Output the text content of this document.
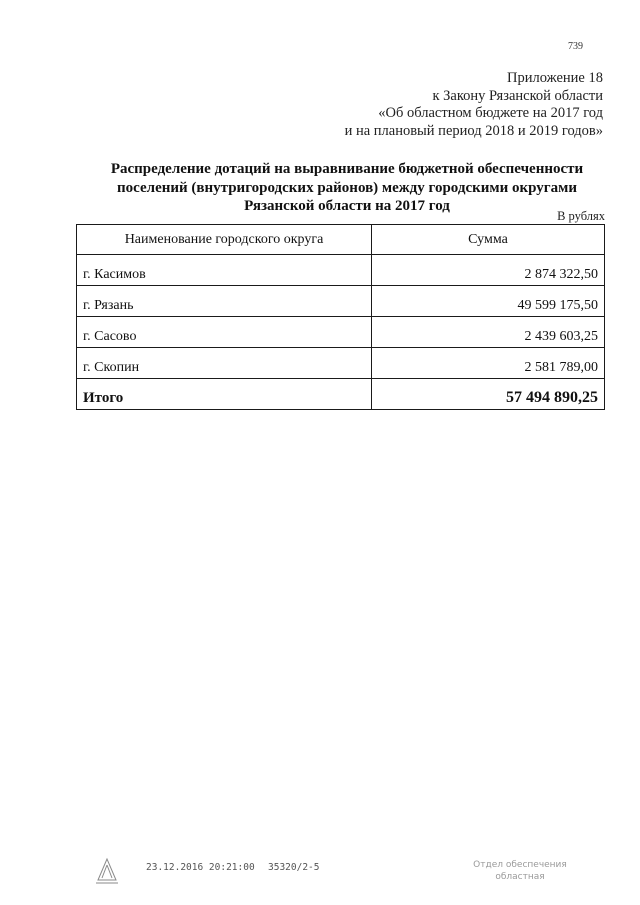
739
Приложение 18
к Закону Рязанской области
«Об областном бюджете на 2017 год
и на плановый период 2018 и 2019 годов»
Распределение дотаций на выравнивание бюджетной обеспеченности
поселений (внутригородских районов) между городскими округами
Рязанской области на 2017 год
В рублях
Наименование городского округа	Сумма
г. Касимов	2 874 322,50
г. Рязань	49 599 175,50
г. Сасово	2 439 603,25
г. Скопин	2 581 789,00
Итого	57 494 890,25
23.12.2016 20:21:00 35320/2-5	Отдел обеспечения
областная
